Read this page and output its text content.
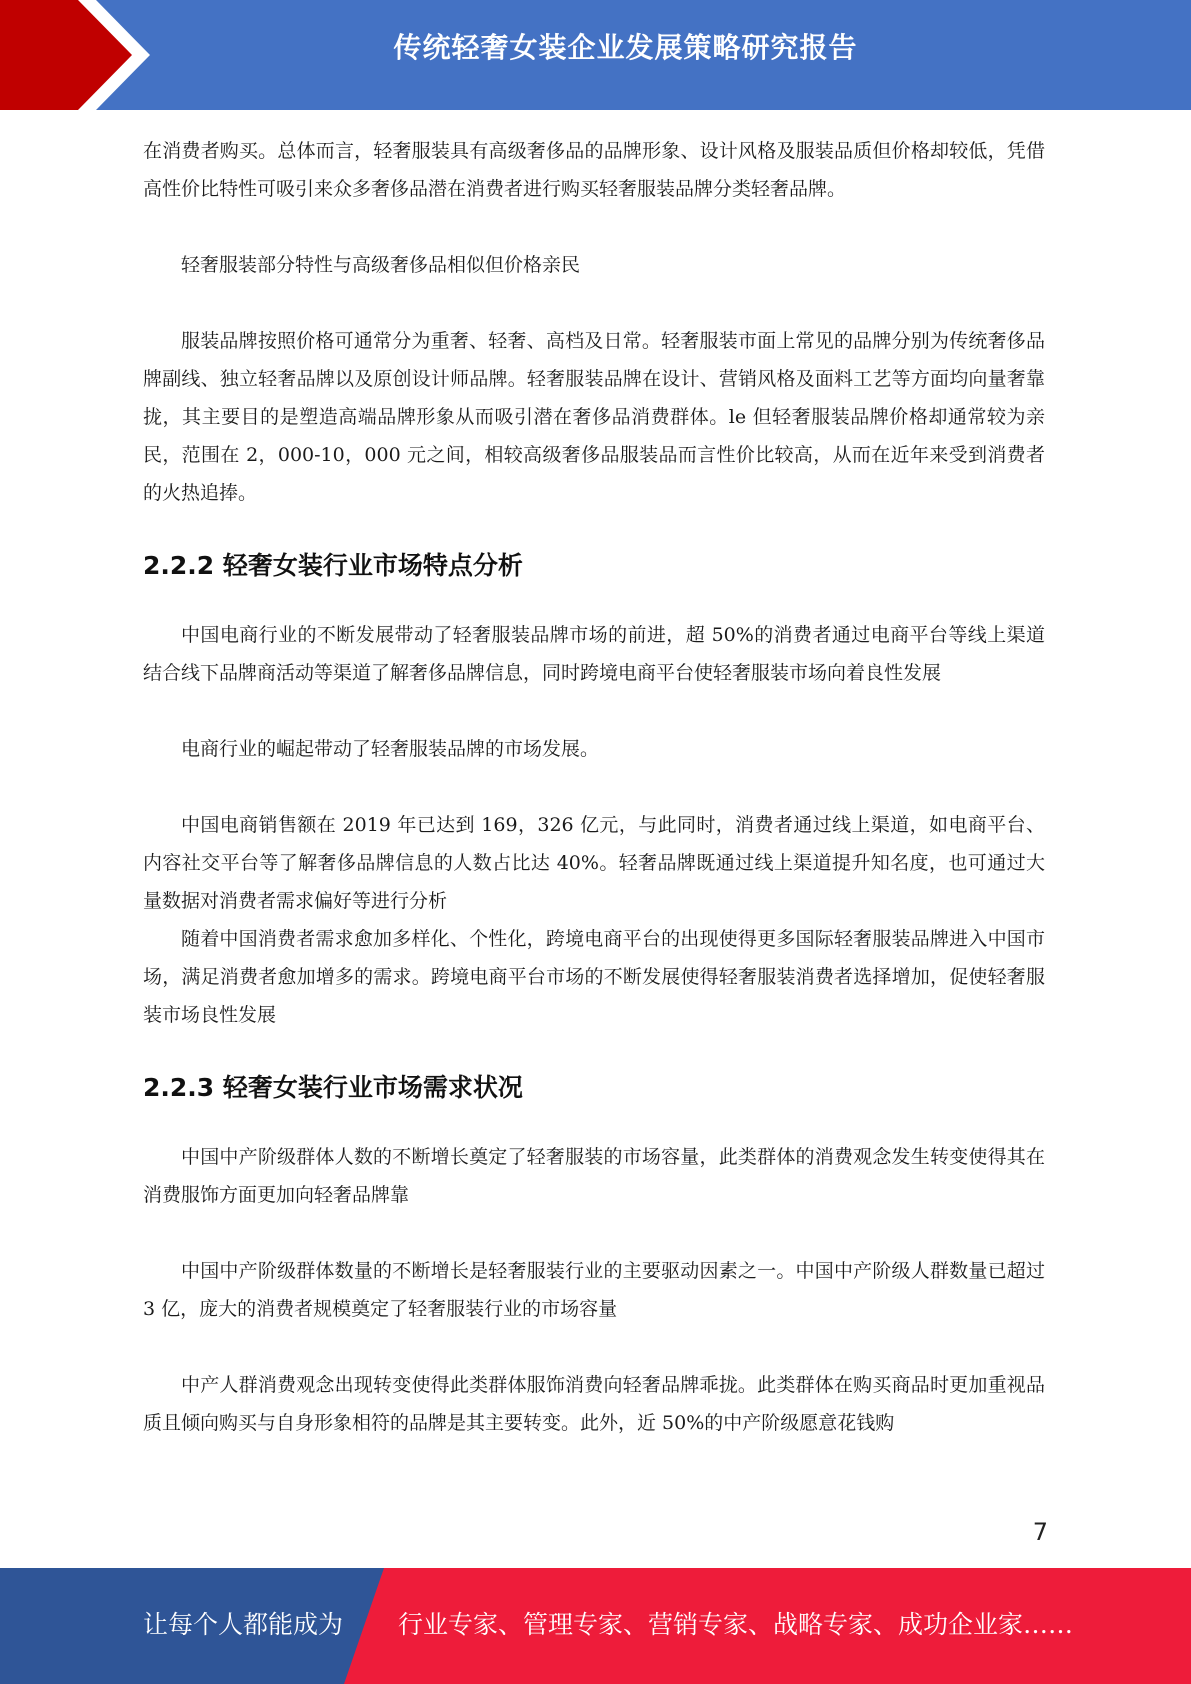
传统轻奢女装企业发展策略研究报告

在消费者购买。总体而言，轻奢服装具有高级奢侈品的品牌形象、设计风格及服装品质但价格却较低，凭借高性价比特性可吸引来众多奢侈品潜在消费者进行购买轻奢服装品牌分类轻奢品牌。

轻奢服装部分特性与高级奢侈品相似但价格亲民

服装品牌按照价格可通常分为重奢、轻奢、高档及日常。轻奢服装市面上常见的品牌分别为传统奢侈品牌副线、独立轻奢品牌以及原创设计师品牌。轻奢服装品牌在设计、营销风格及面料工艺等方面均向量奢靠拢，其主要目的是塑造高端品牌形象从而吸引潜在奢侈品消费群体。le 但轻奢服装品牌价格却通常较为亲民，范围在 2，000-10，000 元之间，相较高级奢侈品服装品而言性价比较高，从而在近年来受到消费者的火热追捧。

2.2.2 轻奢女装行业市场特点分析

中国电商行业的不断发展带动了轻奢服装品牌市场的前进，超 50%的消费者通过电商平台等线上渠道结合线下品牌商活动等渠道了解奢侈品牌信息，同时跨境电商平台使轻奢服装市场向着良性发展

电商行业的崛起带动了轻奢服装品牌的市场发展。

中国电商销售额在 2019 年已达到 169，326 亿元，与此同时，消费者通过线上渠道，如电商平台、内容社交平台等了解奢侈品牌信息的人数占比达 40%。轻奢品牌既通过线上渠道提升知名度，也可通过大量数据对消费者需求偏好等进行分析

随着中国消费者需求愈加多样化、个性化，跨境电商平台的出现使得更多国际轻奢服装品牌进入中国市场，满足消费者愈加增多的需求。跨境电商平台市场的不断发展使得轻奢服装消费者选择增加，促使轻奢服装市场良性发展

2.2.3 轻奢女装行业市场需求状况

中国中产阶级群体人数的不断增长奠定了轻奢服装的市场容量，此类群体的消费观念发生转变使得其在消费服饰方面更加向轻奢品牌靠

中国中产阶级群体数量的不断增长是轻奢服装行业的主要驱动因素之一。中国中产阶级人群数量已超过 3 亿，庞大的消费者规模奠定了轻奢服装行业的市场容量

中产人群消费观念出现转变使得此类群体服饰消费向轻奢品牌乖拢。此类群体在购买商品时更加重视品质且倾向购买与自身形象相符的品牌是其主要转变。此外，近 50%的中产阶级愿意花钱购

7
让每个人都能成为 行业专家、管理专家、营销专家、战略专家、成功企业家……
